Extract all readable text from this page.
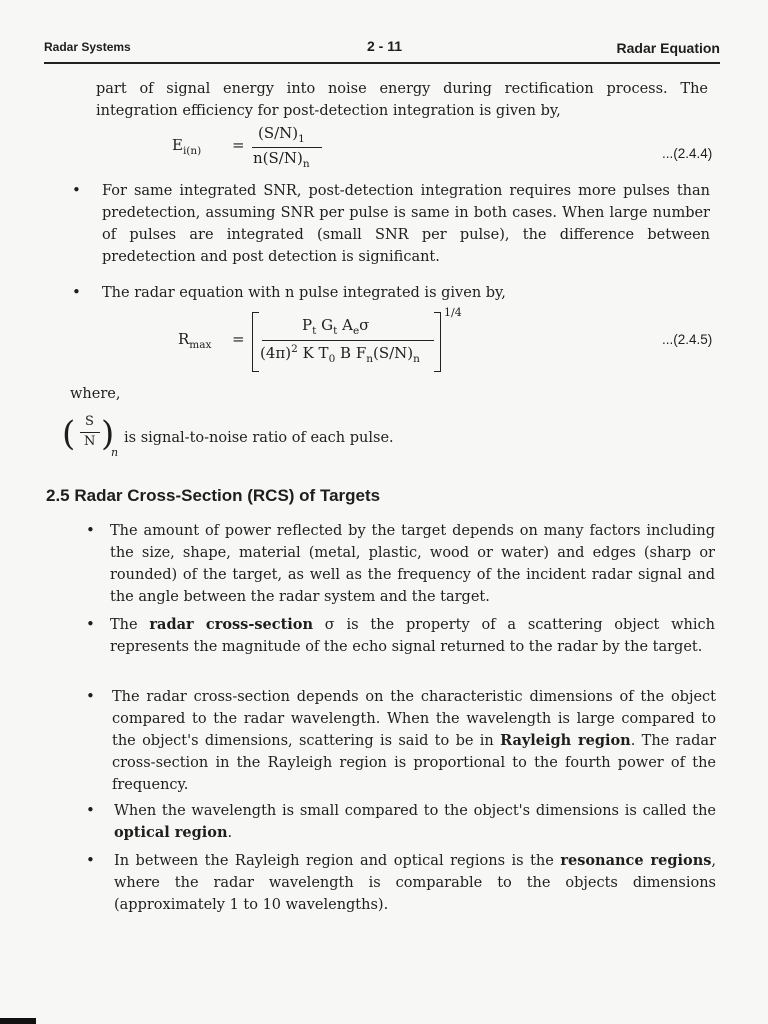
Radar Systems	2 - 11	Radar Equation

part of signal energy into noise energy during rectification process. The integration efficiency for post-detection integration is given by,

$E_{i(n)}$ =
$(S/N)_1$
$n(S/N)_n$
...(2.4.4)
• For same integrated SNR, post-detection integration requires more pulses than predetection, assuming SNR per pulse is same in both cases. When large number of pulses are integrated (small SNR per pulse), the difference between predetection and post detection is significant.

• The radar equation with n pulse integrated is given by,

$R_{max}$ =
$P_t$ $G_t$ $A_e\sigma$
$(4\pi)^2$ K $T_0$ B $F_n(S/N)_n$
1/4
...(2.4.5)

where,

( S
N )
n
is signal-to-noise ratio of each pulse.
2.5 Radar Cross-Section (RCS) of Targets
• The amount of power reflected by the target depends on many factors including the size, shape, material (metal, plastic, wood or water) and edges (sharp or rounded) of the target, as well as the frequency of the incident radar signal and the angle between the radar system and the target.

• The radar cross-section σ is the property of a scattering object which represents the magnitude of the echo signal returned to the radar by the target.

• The radar cross-section depends on the characteristic dimensions of the object compared to the radar wavelength. When the wavelength is large compared to the object's dimensions, scattering is said to be in Rayleigh region. The radar cross-section in the Rayleigh region is proportional to the fourth power of the frequency.

• When the wavelength is small compared to the object's dimensions is called the optical region.

• In between the Rayleigh region and optical regions is the resonance regions, where the radar wavelength is comparable to the objects dimensions (approximately 1 to 10 wavelengths).
